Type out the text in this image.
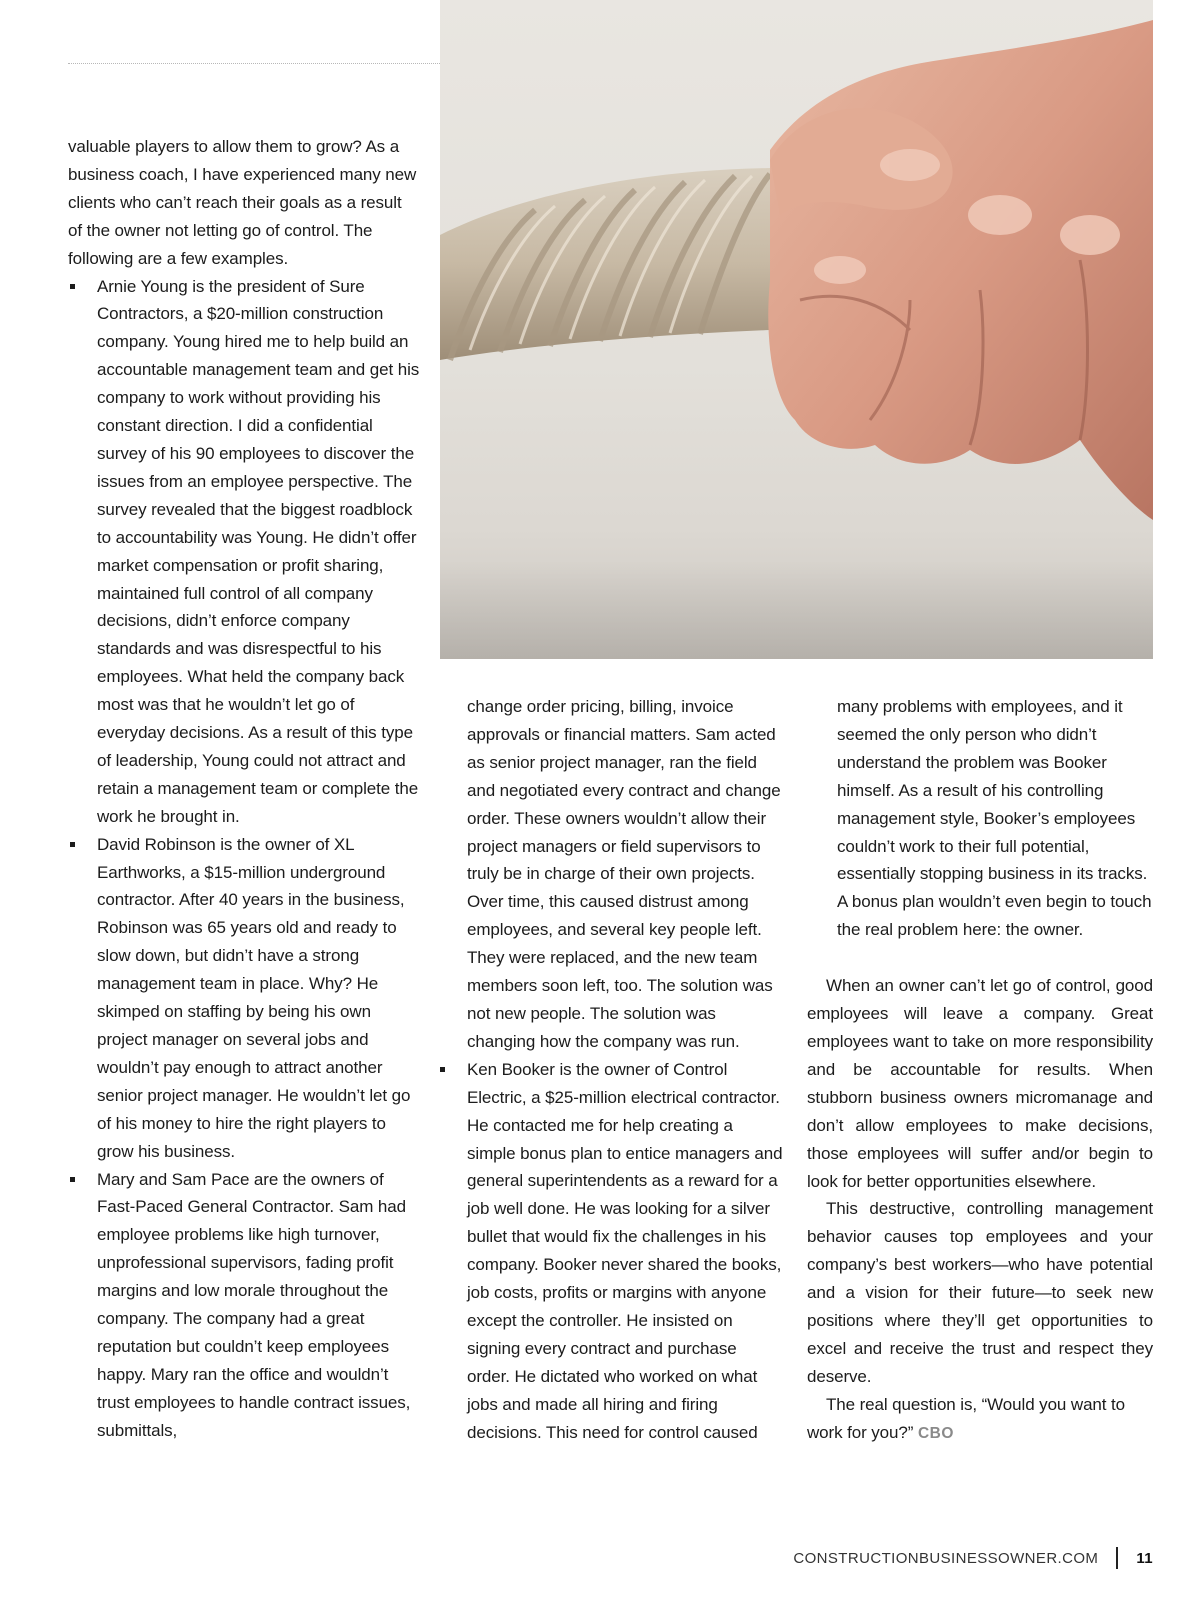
valuable players to allow them to grow? As a business coach, I have experienced many new clients who can’t reach their goals as a result of the owner not letting go of control. The following are a few examples.

Arnie Young is the president of Sure Contractors, a $20-million construction company. Young hired me to help build an accountable management team and get his company to work without providing his constant direction. I did a confidential survey of his 90 employees to discover the issues from an employee perspective. The survey revealed that the biggest roadblock to accountability was Young. He didn’t offer market compensation or profit sharing, maintained full control of all company decisions, didn’t enforce company standards and was disrespectful to his employees. What held the company back most was that he wouldn’t let go of everyday decisions. As a result of this type of leadership, Young could not attract and retain a management team or complete the work he brought in.

David Robinson is the owner of XL Earthworks, a $15-million underground contractor. After 40 years in the business, Robinson was 65 years old and ready to slow down, but didn’t have a strong management team in place. Why? He skimped on staffing by being his own project manager on several jobs and wouldn’t pay enough to attract another senior project manager. He wouldn’t let go of his money to hire the right players to grow his business.

Mary and Sam Pace are the owners of Fast-Paced General Contractor. Sam had employee problems like high turnover, unprofessional supervisors, fading profit margins and low morale throughout the company. The company had a great reputation but couldn’t keep employees happy. Mary ran the office and wouldn’t trust employees to handle contract issues, submittals,

change order pricing, billing, invoice approvals or financial matters. Sam acted as senior project manager, ran the field and negotiated every contract and change order. These owners wouldn’t allow their project managers or field supervisors to truly be in charge of their own projects. Over time, this caused distrust among employees, and several key people left. They were replaced, and the new team members soon left, too. The solution was not new people. The solution was changing how the company was run.

Ken Booker is the owner of Control Electric, a $25-million electrical contractor. He contacted me for help creating a simple bonus plan to entice managers and general superintendents as a reward for a job well done. He was looking for a silver bullet that would fix the challenges in his company. Booker never shared the books, job costs, profits or margins with anyone except the controller. He insisted on signing every contract and purchase order. He dictated who worked on what jobs and made all hiring and firing decisions. This need for control caused

many problems with employees, and it seemed the only person who didn’t understand the problem was Booker himself. As a result of his controlling management style, Booker’s employees couldn’t work to their full potential, essentially stopping business in its tracks. A bonus plan wouldn’t even begin to touch the real problem here: the owner.

When an owner can’t let go of control, good employees will leave a company. Great employees want to take on more responsibility and be accountable for results. When stubborn business owners micromanage and don’t allow employees to make decisions, those employees will suffer and/or begin to look for better opportunities elsewhere.

This destructive, controlling management behavior causes top employees and your company’s best workers—who have potential and a vision for their future—to seek new positions where they’ll get opportunities to excel and receive the trust and respect they deserve.

The real question is, “Would you want to work for you?” CBO

CONSTRUCTIONBUSINESSOWNER.COM	11
